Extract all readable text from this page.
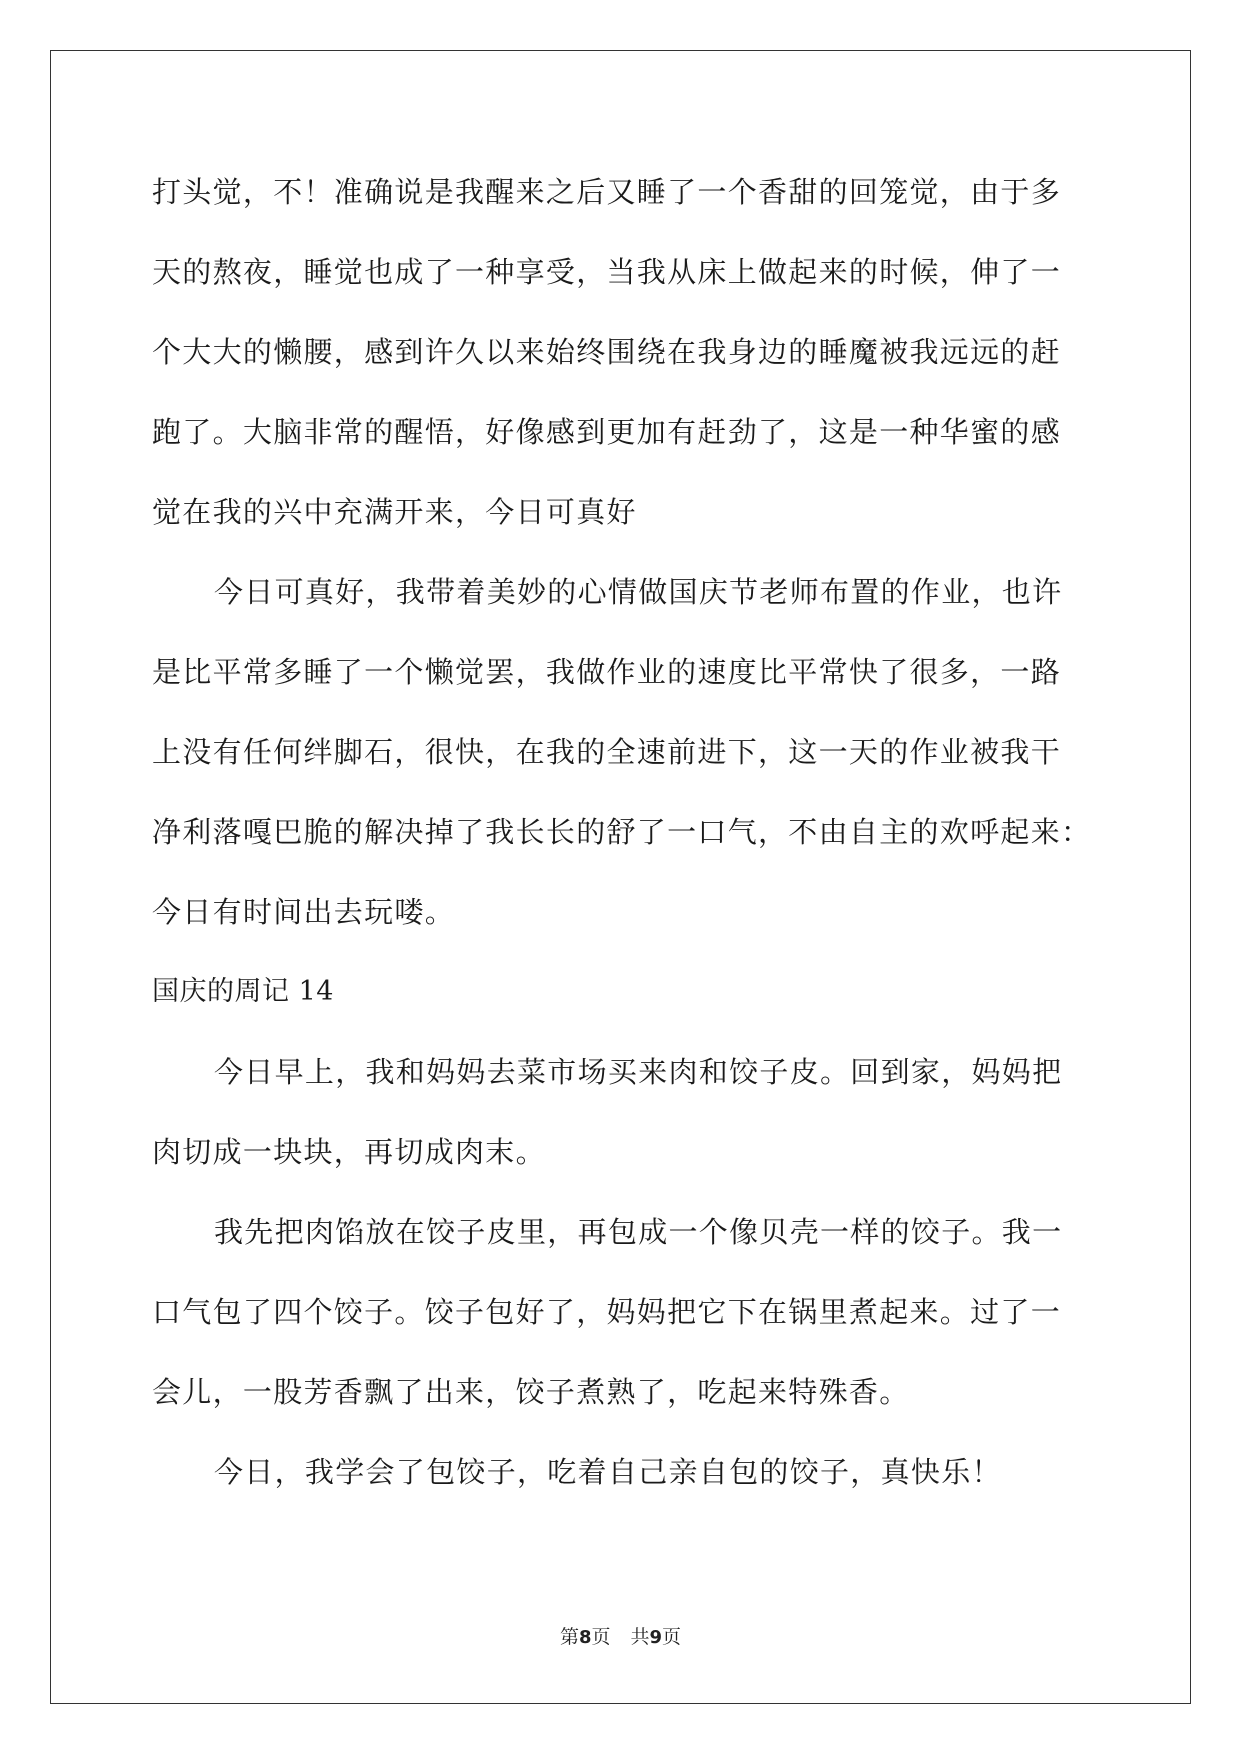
打头觉，不！准确说是我醒来之后又睡了一个香甜的回笼觉，由于多
天的熬夜，睡觉也成了一种享受，当我从床上做起来的时候，伸了一
个大大的懒腰，感到许久以来始终围绕在我身边的睡魔被我远远的赶
跑了。大脑非常的醒悟，好像感到更加有赶劲了，这是一种华蜜的感
觉在我的兴中充满开来，今日可真好
今日可真好，我带着美妙的心情做国庆节老师布置的作业，也许
是比平常多睡了一个懒觉罢，我做作业的速度比平常快了很多，一路
上没有任何绊脚石，很快，在我的全速前进下，这一天的作业被我干
净利落嘎巴脆的解决掉了我长长的舒了一口气，不由自主的欢呼起来：
今日有时间出去玩喽。
国庆的周记 14
今日早上，我和妈妈去菜市场买来肉和饺子皮。回到家，妈妈把
肉切成一块块，再切成肉末。
我先把肉馅放在饺子皮里，再包成一个像贝壳一样的饺子。我一
口气包了四个饺子。饺子包好了，妈妈把它下在锅里煮起来。过了一
会儿，一股芳香飘了出来，饺子煮熟了，吃起来特殊香。
今日，我学会了包饺子，吃着自己亲自包的饺子，真快乐！
第8页 共9页
